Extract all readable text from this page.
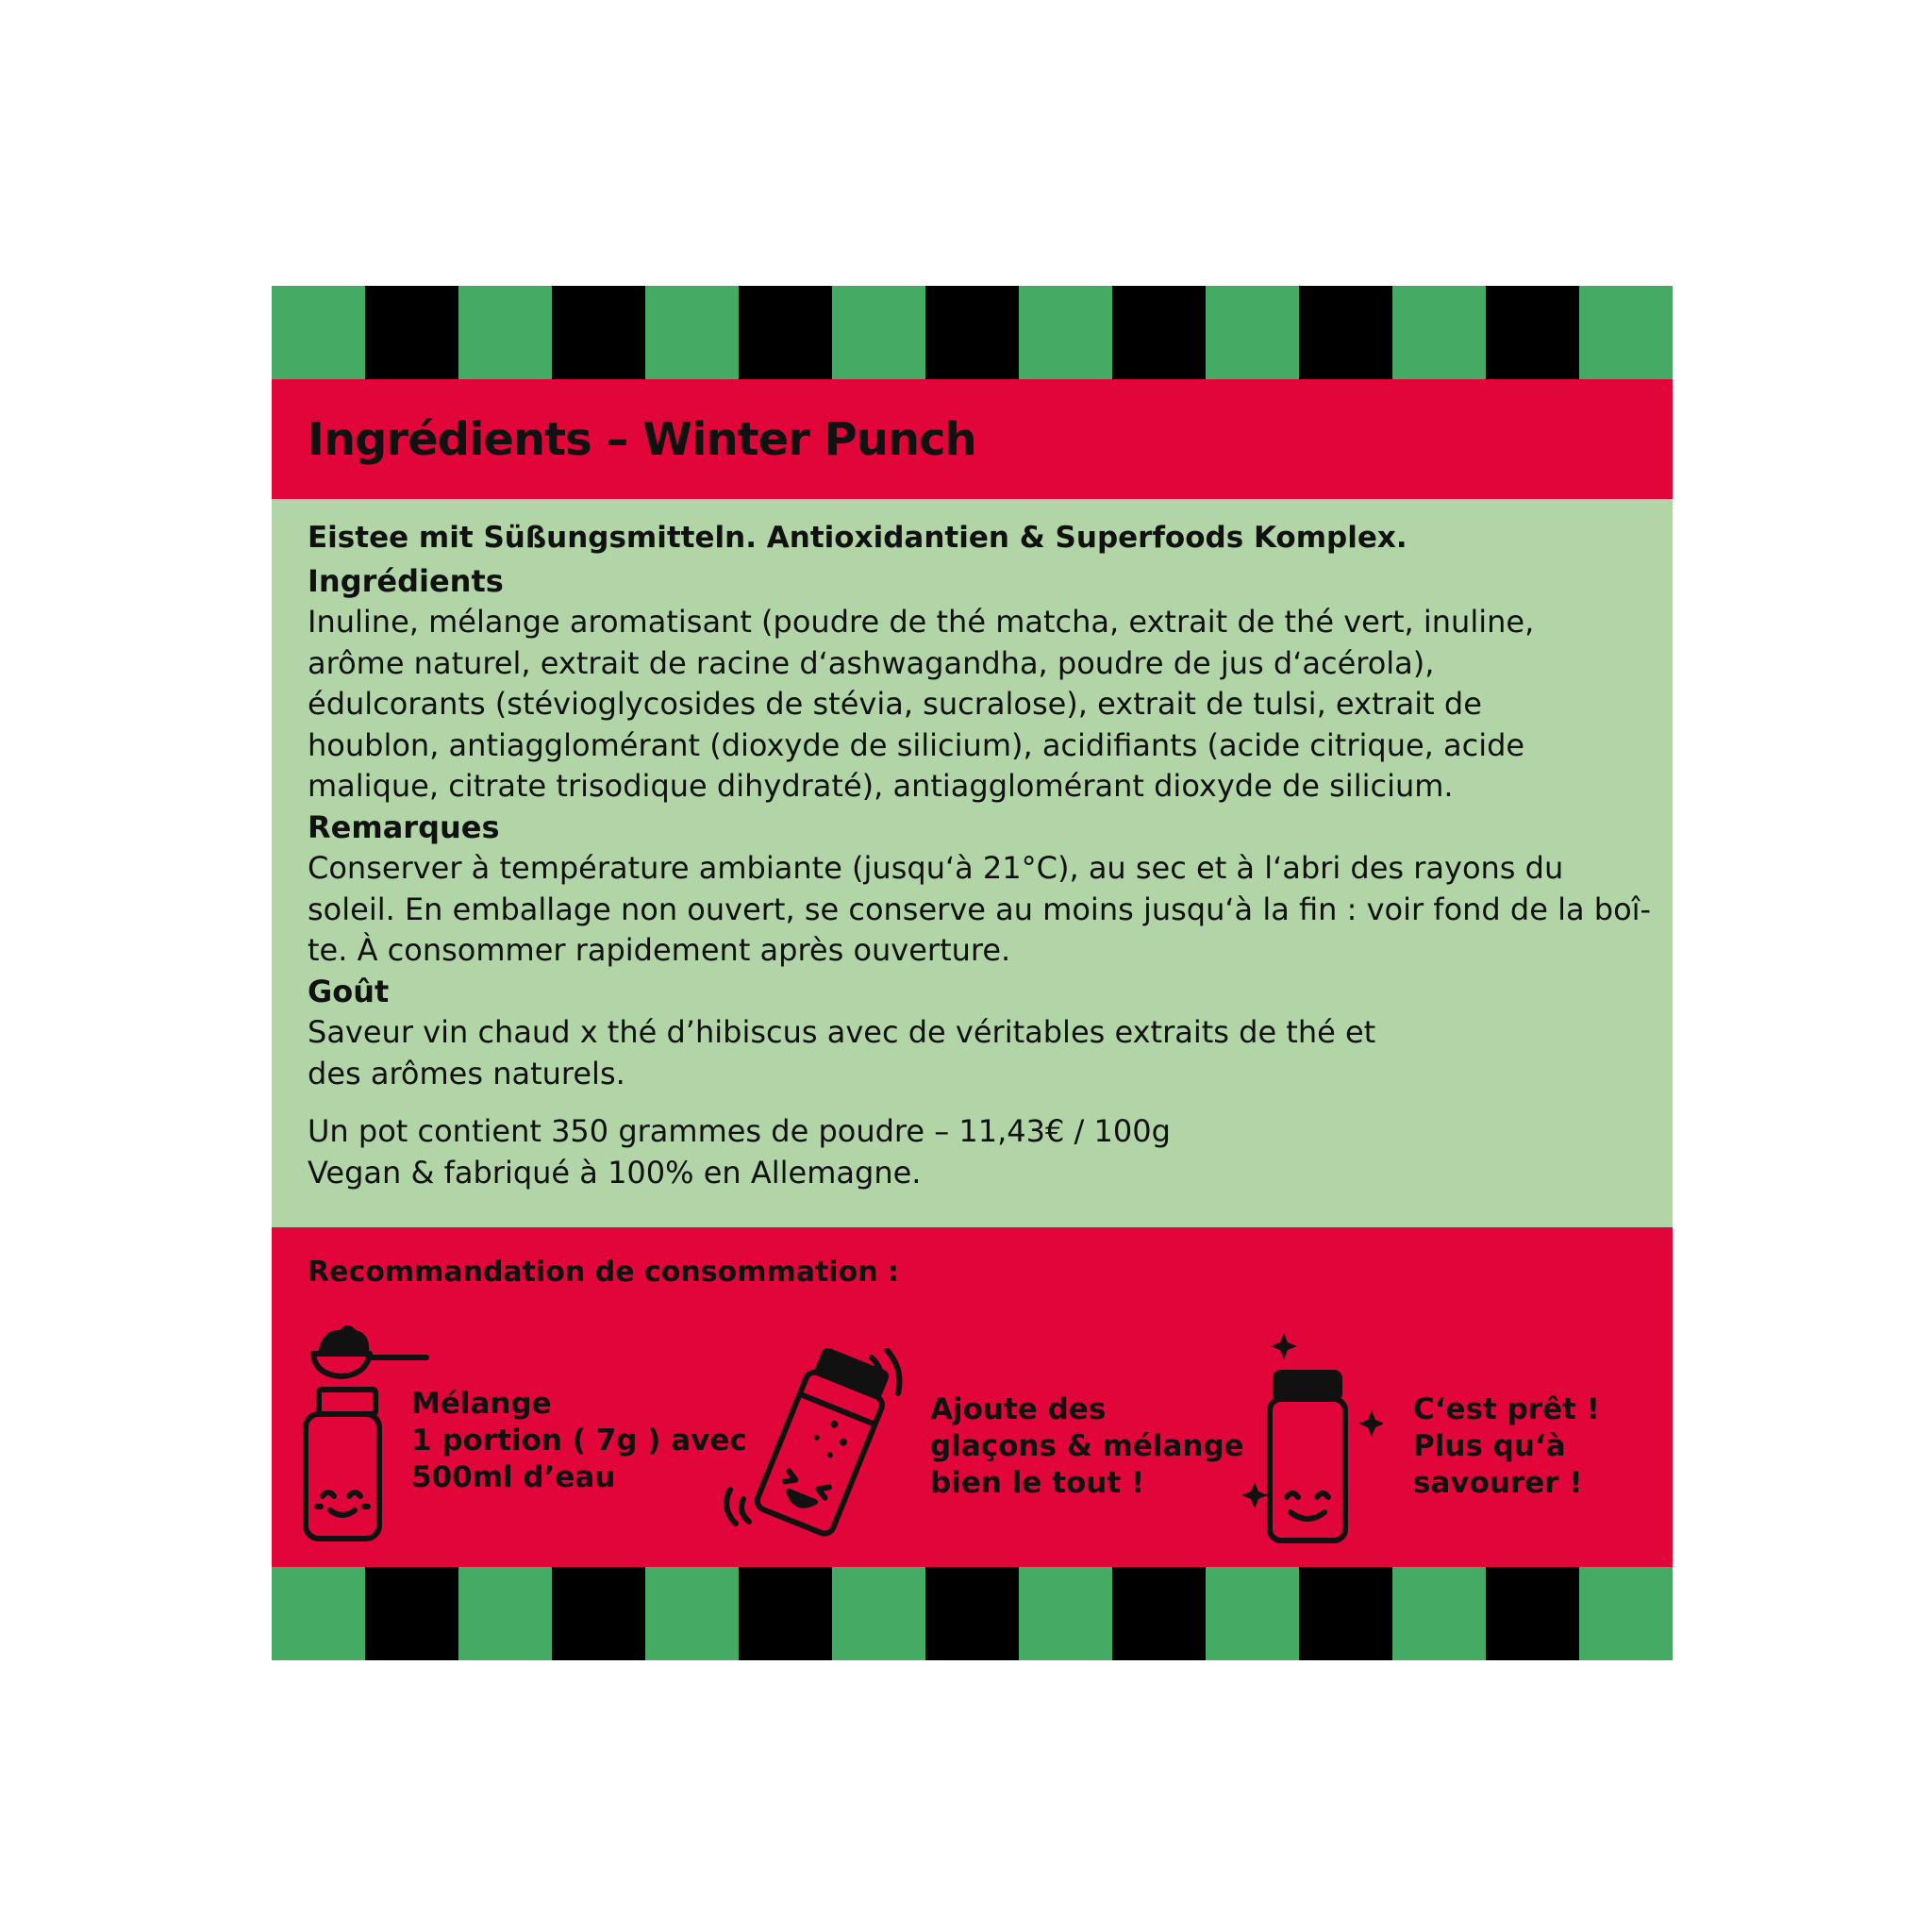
Ingrédients – Winter Punch
Eistee mit Süßungsmitteln. Antioxidantien & Superfoods Komplex.
Ingrédients
Inuline, mélange aromatisant (poudre de thé matcha, extrait de thé vert, inuline,
arôme naturel, extrait de racine d‘ashwagandha, poudre de jus d‘acérola),
édulcorants (stévioglycosides de stévia, sucralose), extrait de tulsi, extrait de
houblon, antiagglomérant (dioxyde de silicium), acidifiants (acide citrique, acide
malique, citrate trisodique dihydraté), antiagglomérant dioxyde de silicium.
Remarques
Conserver à température ambiante (jusqu‘à 21°C), au sec et à l‘abri des rayons du
soleil. En emballage non ouvert, se conserve au moins jusqu‘à la fin : voir fond de la boî-
te. À consommer rapidement après ouverture.
Goût
Saveur vin chaud x thé d’hibiscus avec de véritables extraits de thé et
des arômes naturels.
Un pot contient 350 grammes de poudre – 11,43€ / 100g
Vegan & fabriqué à 100% en Allemagne.
Recommandation de consommation :
Mélange
1 portion ( 7g ) avec
500ml d’eau
Ajoute des
glaçons & mélange
bien le tout !
C‘est prêt !
Plus qu‘à
savourer !
